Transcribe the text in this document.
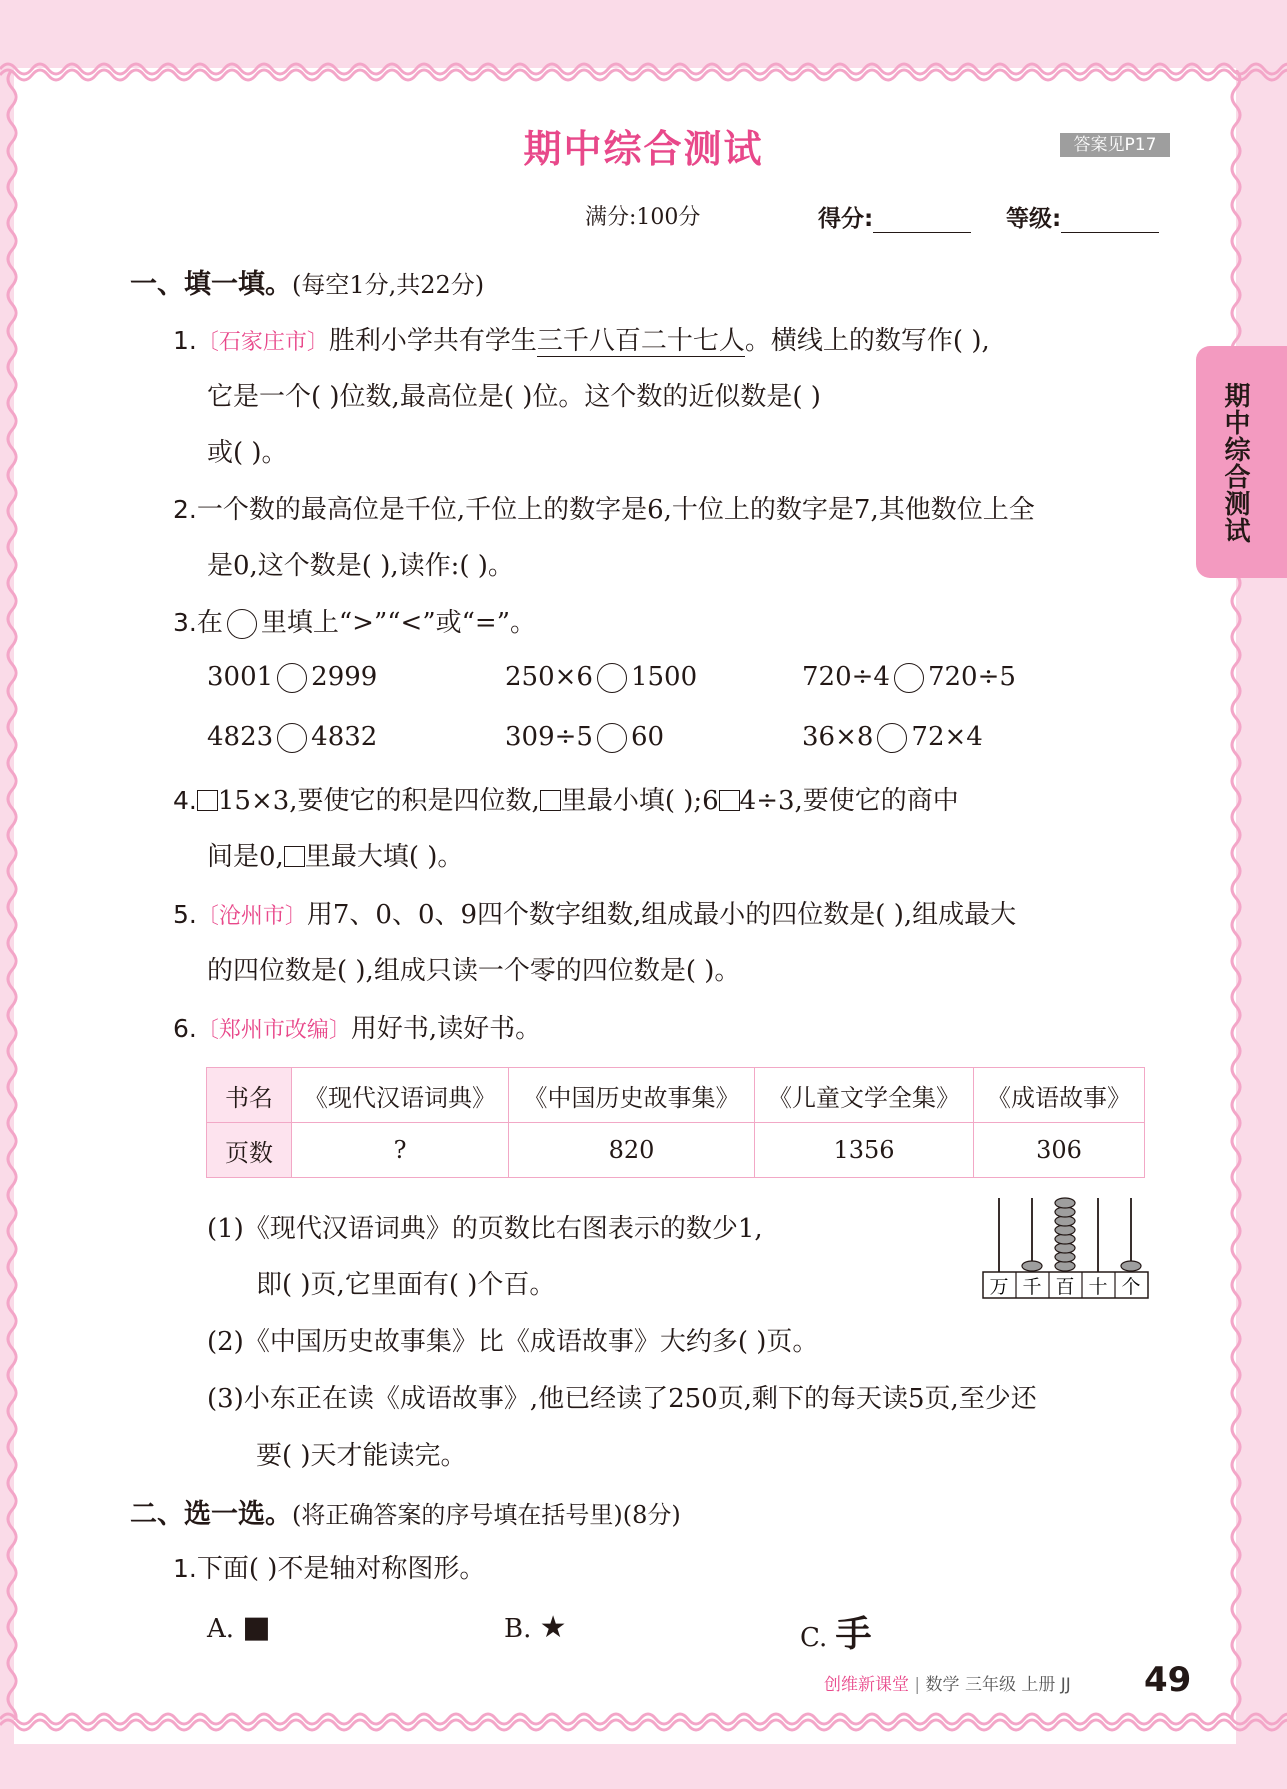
期中综合测试	答案见P17
期中综合测试
满分:100分	得分:	等级:
一、填一填。(每空1分,共22分)
1.〔石家庄市〕胜利小学共有学生三千八百二十七人。横线上的数写作( ),
它是一个( )位数,最高位是( )位。这个数的近似数是( )
或( )。
2.一个数的最高位是千位,千位上的数字是6,十位上的数字是7,其他数位上全
是0,这个数是( ),读作:( )。
3.在 里填上“>”“<”或“=”。
3001 2999	250×6 1500	720÷4 720÷5
4823 4832	309÷5 60	36×8 72×4
4. 15×3,要使它的积是四位数, 里最小填( );6 4÷3,要使它的商中
间是0, 里最大填( )。
5.〔沧州市〕用7、0、0、9四个数字组数,组成最小的四位数是( ),组成最大
的四位数是( ),组成只读一个零的四位数是( )。
6.〔郑州市改编〕用好书,读好书。
书名	《现代汉语词典》	《中国历史故事集》	《儿童文学全集》	《成语故事》
页数	?	820	1356	306
万 千 百 十 个
(1)《现代汉语词典》的页数比右图表示的数少1,
即( )页,它里面有( )个百。
(2)《中国历史故事集》比《成语故事》大约多( )页。
(3)小东正在读《成语故事》,他已经读了250页,剩下的每天读5页,至少还
要( )天才能读完。
二、选一选。(将正确答案的序号填在括号里)(8分)
1.下面( )不是轴对称图形。
A. ■	B. ★	C. 手
创维新课堂 | 数学 三年级 上册 JJ 49
